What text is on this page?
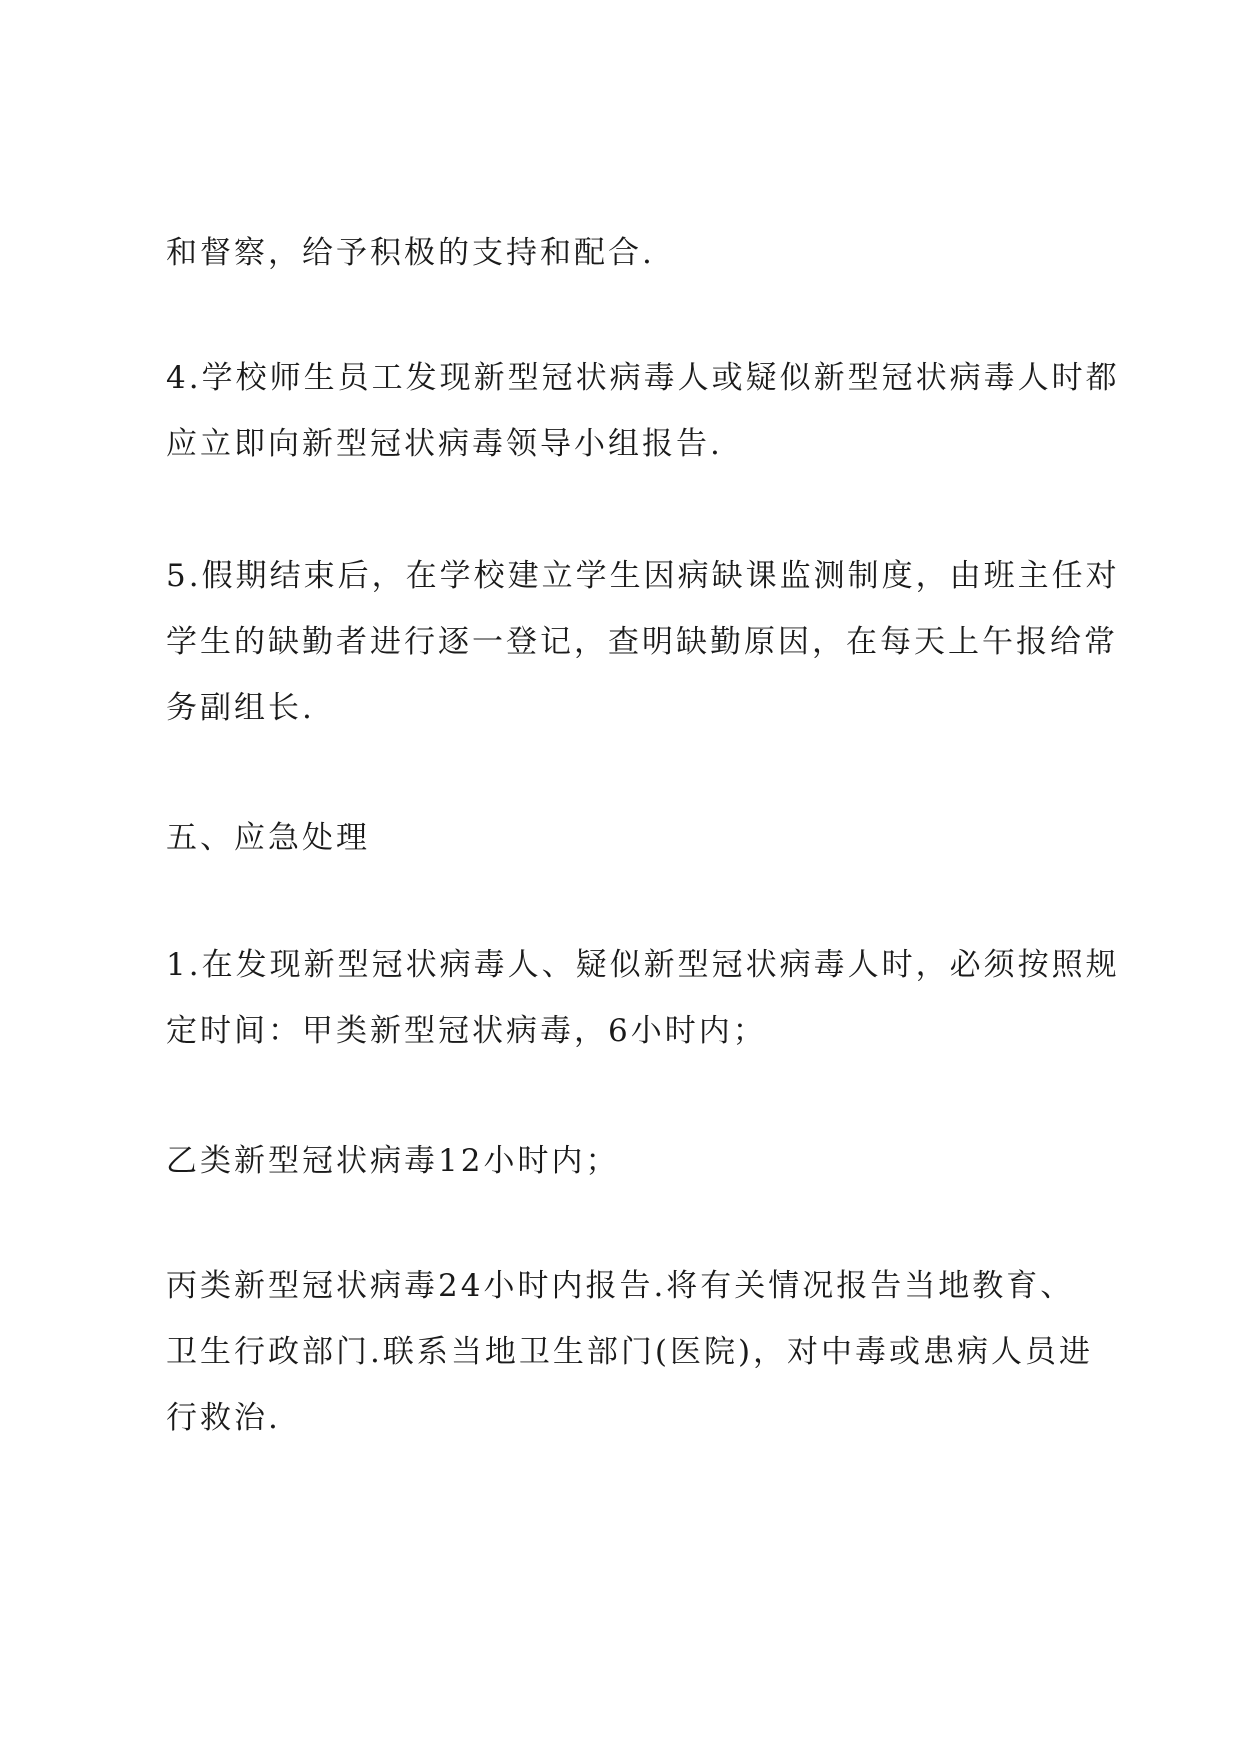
和督察，给予积极的支持和配合.
4.学校师生员工发现新型冠状病毒人或疑似新型冠状病毒人时都
应立即向新型冠状病毒领导小组报告.
5.假期结束后，在学校建立学生因病缺课监测制度，由班主任对
学生的缺勤者进行逐一登记，查明缺勤原因，在每天上午报给常
务副组长.
五、应急处理
1.在发现新型冠状病毒人、疑似新型冠状病毒人时，必须按照规
定时间：甲类新型冠状病毒，6小时内；
乙类新型冠状病毒12小时内；
丙类新型冠状病毒24小时内报告.将有关情况报告当地教育、
卫生行政部门.联系当地卫生部门(医院)，对中毒或患病人员进
行救治.
